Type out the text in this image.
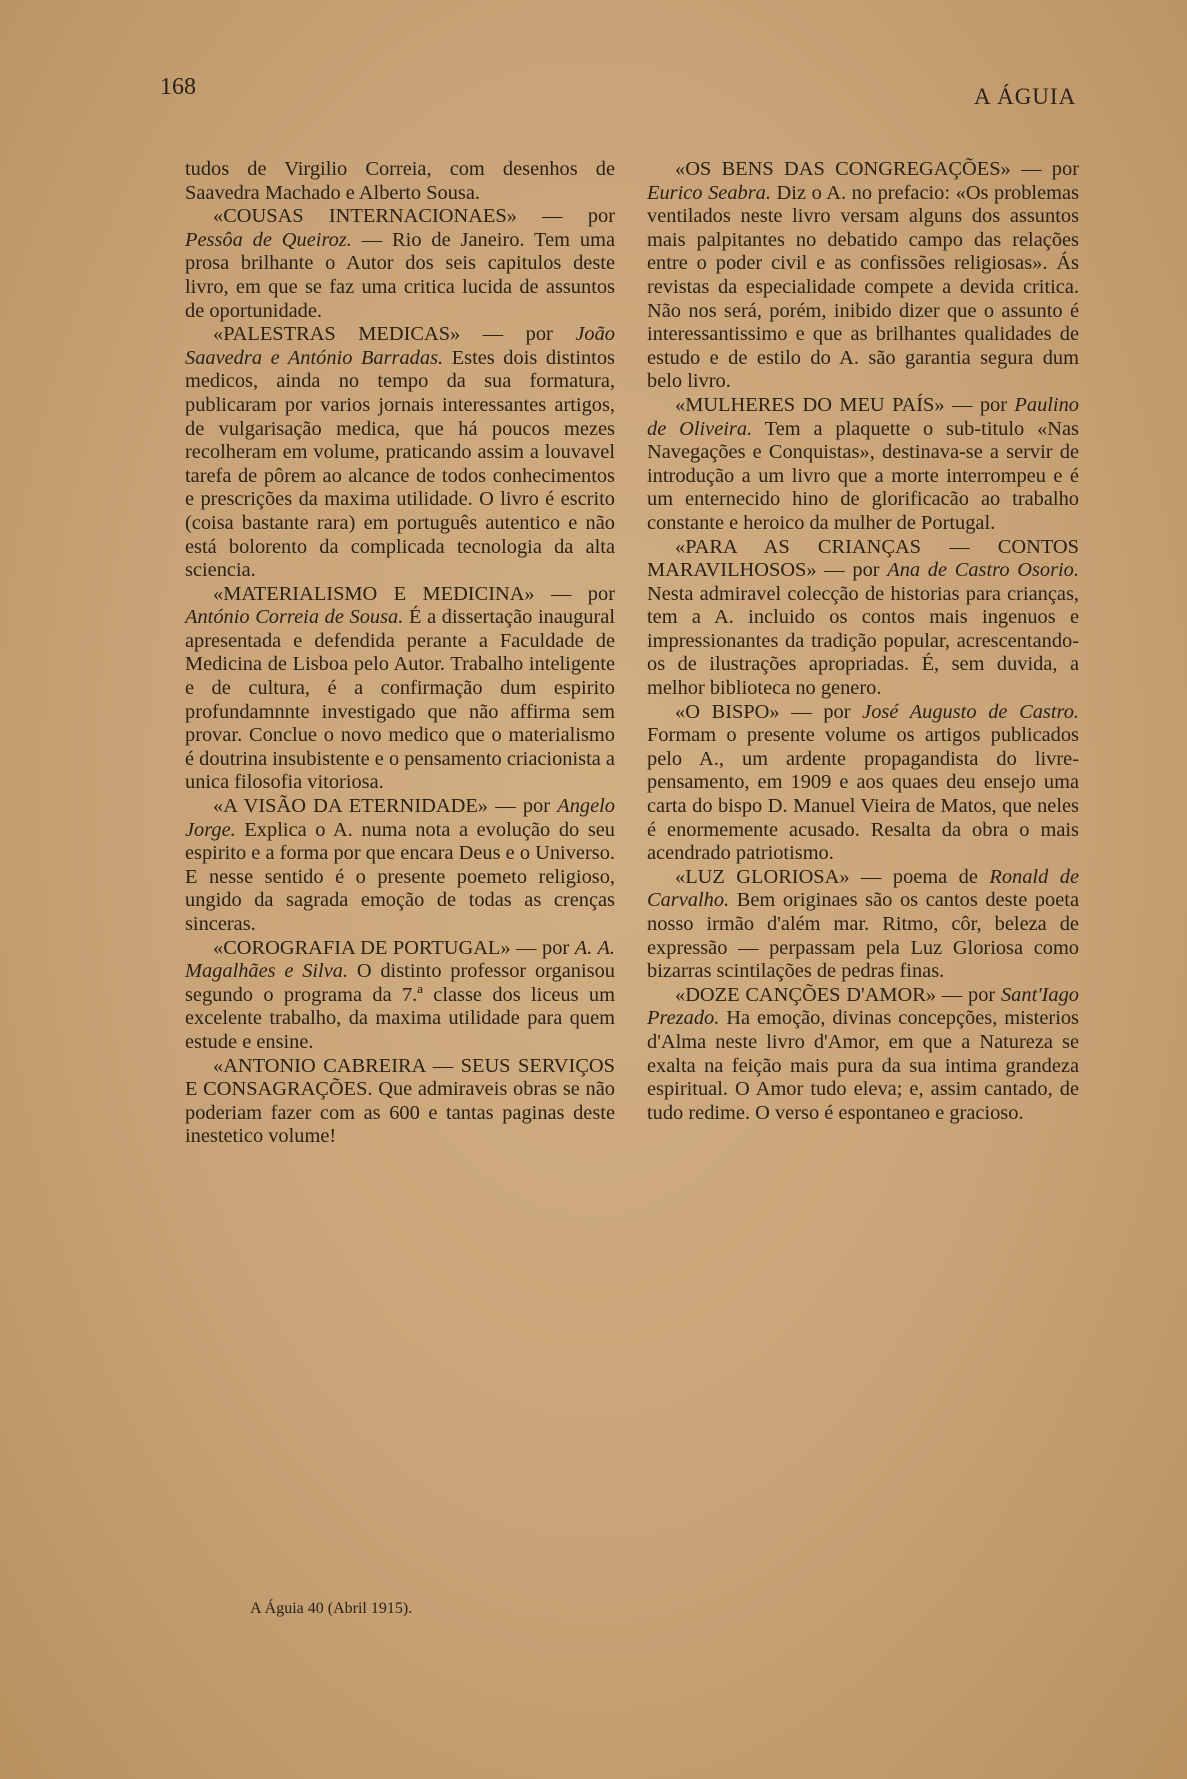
168	A ÁGUIA

tudos de Virgilio Correia, com desenhos de Saavedra Machado e Alberto Sousa.

«COUSAS INTERNACIONAES» — por Pessôa de Queiroz. — Rio de Janeiro. Tem uma prosa brilhante o Autor dos seis capitulos deste livro, em que se faz uma critica lucida de assuntos de oportunidade.

«PALESTRAS MEDICAS» — por João Saavedra e António Barradas. Estes dois distintos medicos, ainda no tempo da sua formatura, publicaram por varios jornais interessantes artigos, de vulgarisação medica, que há poucos mezes recolheram em volume, praticando assim a louvavel tarefa de pôrem ao alcance de todos conhecimentos e prescrições da maxima utilidade. O livro é escrito (coisa bastante rara) em português autentico e não está bolorento da complicada tecnologia da alta sciencia.

«MATERIALISMO E MEDICINA» — por António Correia de Sousa. É a dissertação inaugural apresentada e defendida perante a Faculdade de Medicina de Lisboa pelo Autor. Trabalho inteligente e de cultura, é a confirmação dum espirito profundamnnte investigado que não affirma sem provar. Conclue o novo medico que o materialismo é doutrina insubistente e o pensamento criacionista a unica filosofia vitoriosa.

«A VISÃO DA ETERNIDADE» — por Angelo Jorge. Explica o A. numa nota a evolução do seu espirito e a forma por que encara Deus e o Universo. E nesse sentido é o presente poemeto religioso, ungido da sagrada emoção de todas as crenças sinceras.

«COROGRAFIA DE PORTUGAL» — por A. A. Magalhães e Silva. O distinto professor organisou segundo o programa da 7.ª classe dos liceus um excelente trabalho, da maxima utilidade para quem estude e ensine.

«ANTONIO CABREIRA — SEUS SERVIÇOS E CONSAGRAÇÕES. Que admiraveis obras se não poderiam fazer com as 600 e tantas paginas deste inestetico volume!

«OS BENS DAS CONGREGAÇÕES» — por Eurico Seabra. Diz o A. no prefacio: «Os problemas ventilados neste livro versam alguns dos assuntos mais palpitantes no debatido campo das relações entre o poder civil e as confissões religiosas». Ás revistas da especialidade compete a devida critica. Não nos será, porém, inibido dizer que o assunto é interessantissimo e que as brilhantes qualidades de estudo e de estilo do A. são garantia segura dum belo livro.

«MULHERES DO MEU PAÍS» — por Paulino de Oliveira. Tem a plaquette o sub-titulo «Nas Navegações e Conquistas», destinava-se a servir de introdução a um livro que a morte interrompeu e é um enternecido hino de glorificacão ao trabalho constante e heroico da mulher de Portugal.

«PARA AS CRIANÇAS — CONTOS MARAVILHOSOS» — por Ana de Castro Osorio. Nesta admiravel colecção de historias para crianças, tem a A. incluido os contos mais ingenuos e impressionantes da tradição popular, acrescentando-os de ilustrações apropriadas. É, sem duvida, a melhor biblioteca no genero.

«O BISPO» — por José Augusto de Castro. Formam o presente volume os artigos publicados pelo A., um ardente propagandista do livre-pensamento, em 1909 e aos quaes deu ensejo uma carta do bispo D. Manuel Vieira de Matos, que neles é enormemente acusado. Resalta da obra o mais acendrado patriotismo.

«LUZ GLORIOSA» — poema de Ronald de Carvalho. Bem originaes são os cantos deste poeta nosso irmão d'além mar. Ritmo, côr, beleza de expressão — perpassam pela Luz Gloriosa como bizarras scintilações de pedras finas.

«DOZE CANÇÕES D'AMOR» — por Sant'Iago Prezado. Ha emoção, divinas concepções, misterios d'Alma neste livro d'Amor, em que a Natureza se exalta na feição mais pura da sua intima grandeza espiritual. O Amor tudo eleva; e, assim cantado, de tudo redime. O verso é espontaneo e gracioso.

A Águia 40 (Abril 1915).
